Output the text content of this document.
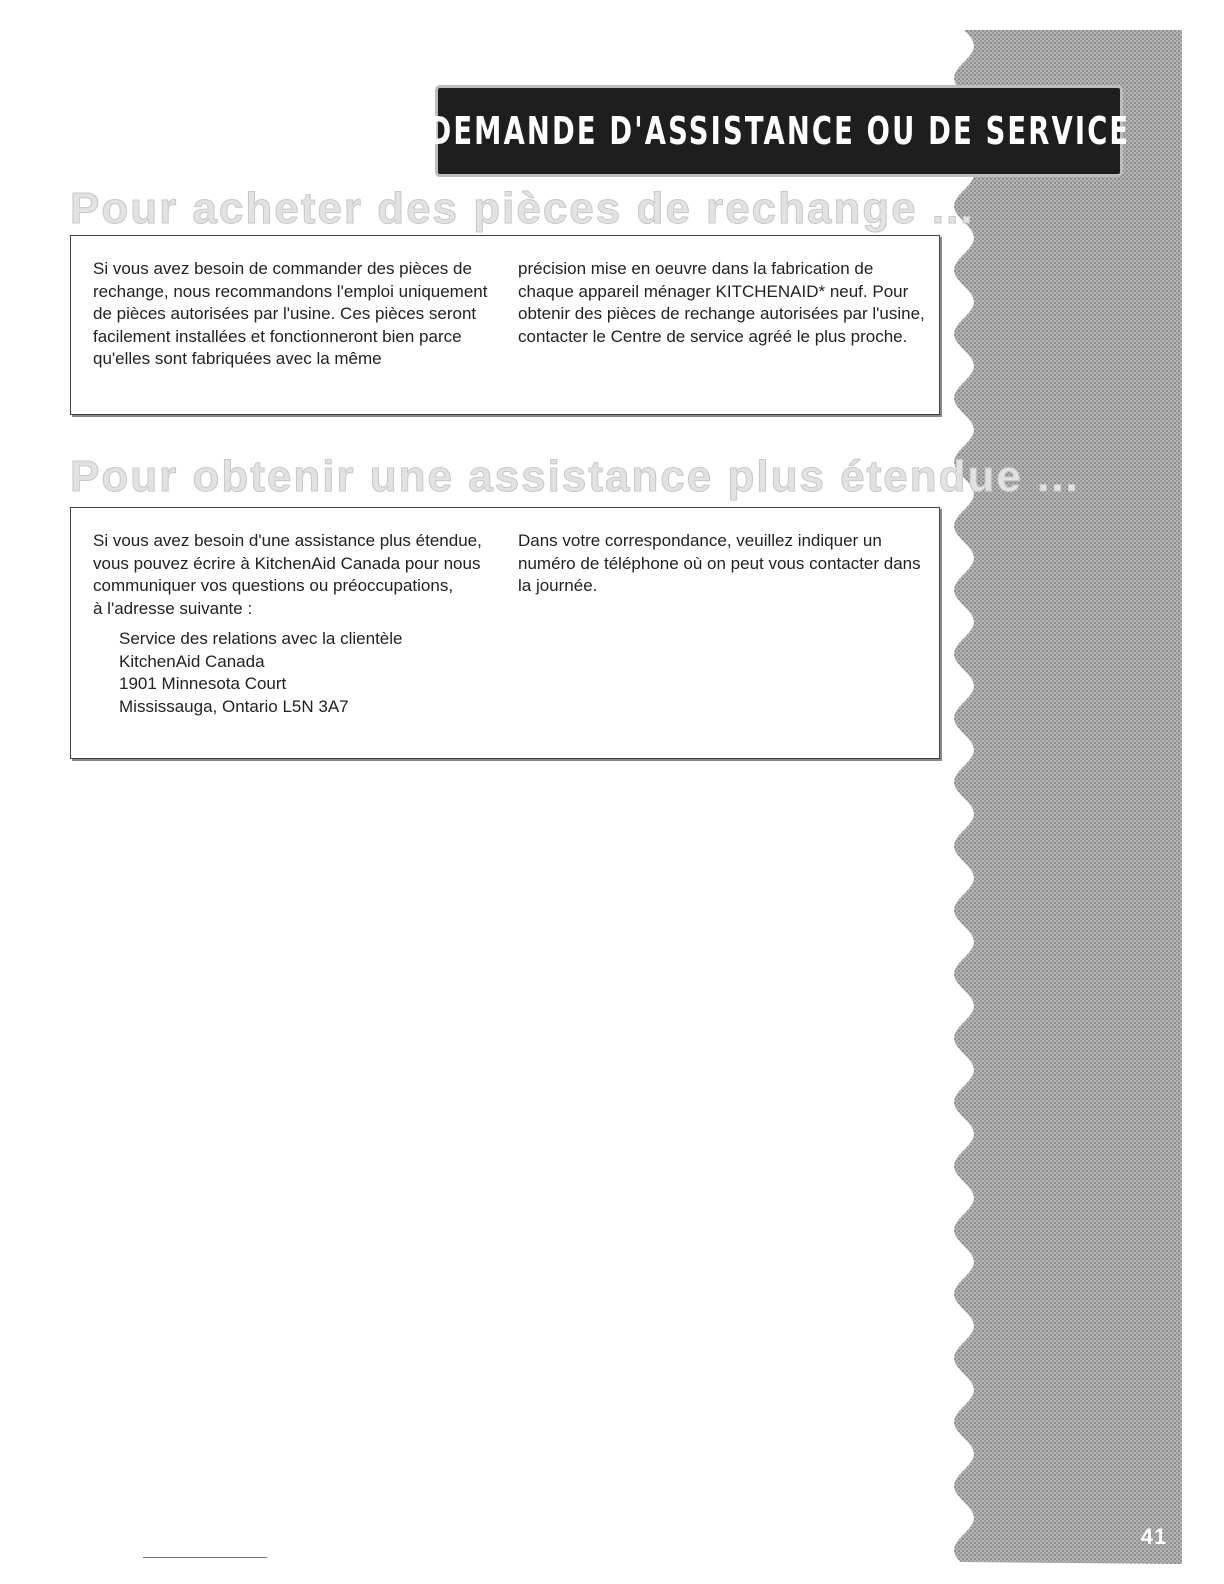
41
DEMANDE D'ASSISTANCE OU DE SERVICE
Pour acheter des pièces de rechange ...

Si vous avez besoin de commander des pièces de rechange, nous recommandons l'emploi uniquement de pièces autorisées par l'usine. Ces pièces seront facilement installées et fonctionneront bien parce qu'elles sont fabriquées avec la même

précision mise en oeuvre dans la fabrication de chaque appareil ménager KITCHENAID* neuf. Pour obtenir des pièces de rechange autorisées par l'usine, contacter le Centre de service agréé le plus proche.

Pour obtenir une assistance plus étendue ...

Si vous avez besoin d'une assistance plus étendue, vous pouvez écrire à KitchenAid Canada pour nous communiquer vos questions ou préoccupations,

à l'adresse suivante :

Service des relations avec la clientèle
KitchenAid Canada
1901 Minnesota Court
Mississauga, Ontario L5N 3A7

Dans votre correspondance, veuillez indiquer un numéro de téléphone où on peut vous contacter dans la journée.
